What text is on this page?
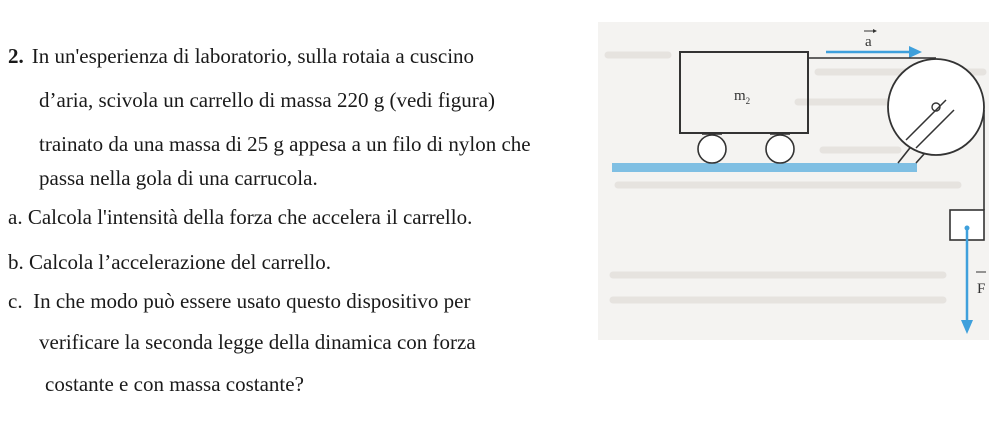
2. In un'esperienza di laboratorio, sulla rotaia a cuscino
d’aria, scivola un carrello di massa 220 g (vedi figura)
trainato da una massa di 25 g appesa a un filo di nylon che
passa nella gola di una carrucola.
a. Calcola l'intensità della forza che accelera il carrello.
b. Calcola l’accelerazione del carrello.
c. In che modo può essere usato questo dispositivo per
verificare la seconda legge della dinamica con forza
costante e con massa costante?
$m_2$
a
F
